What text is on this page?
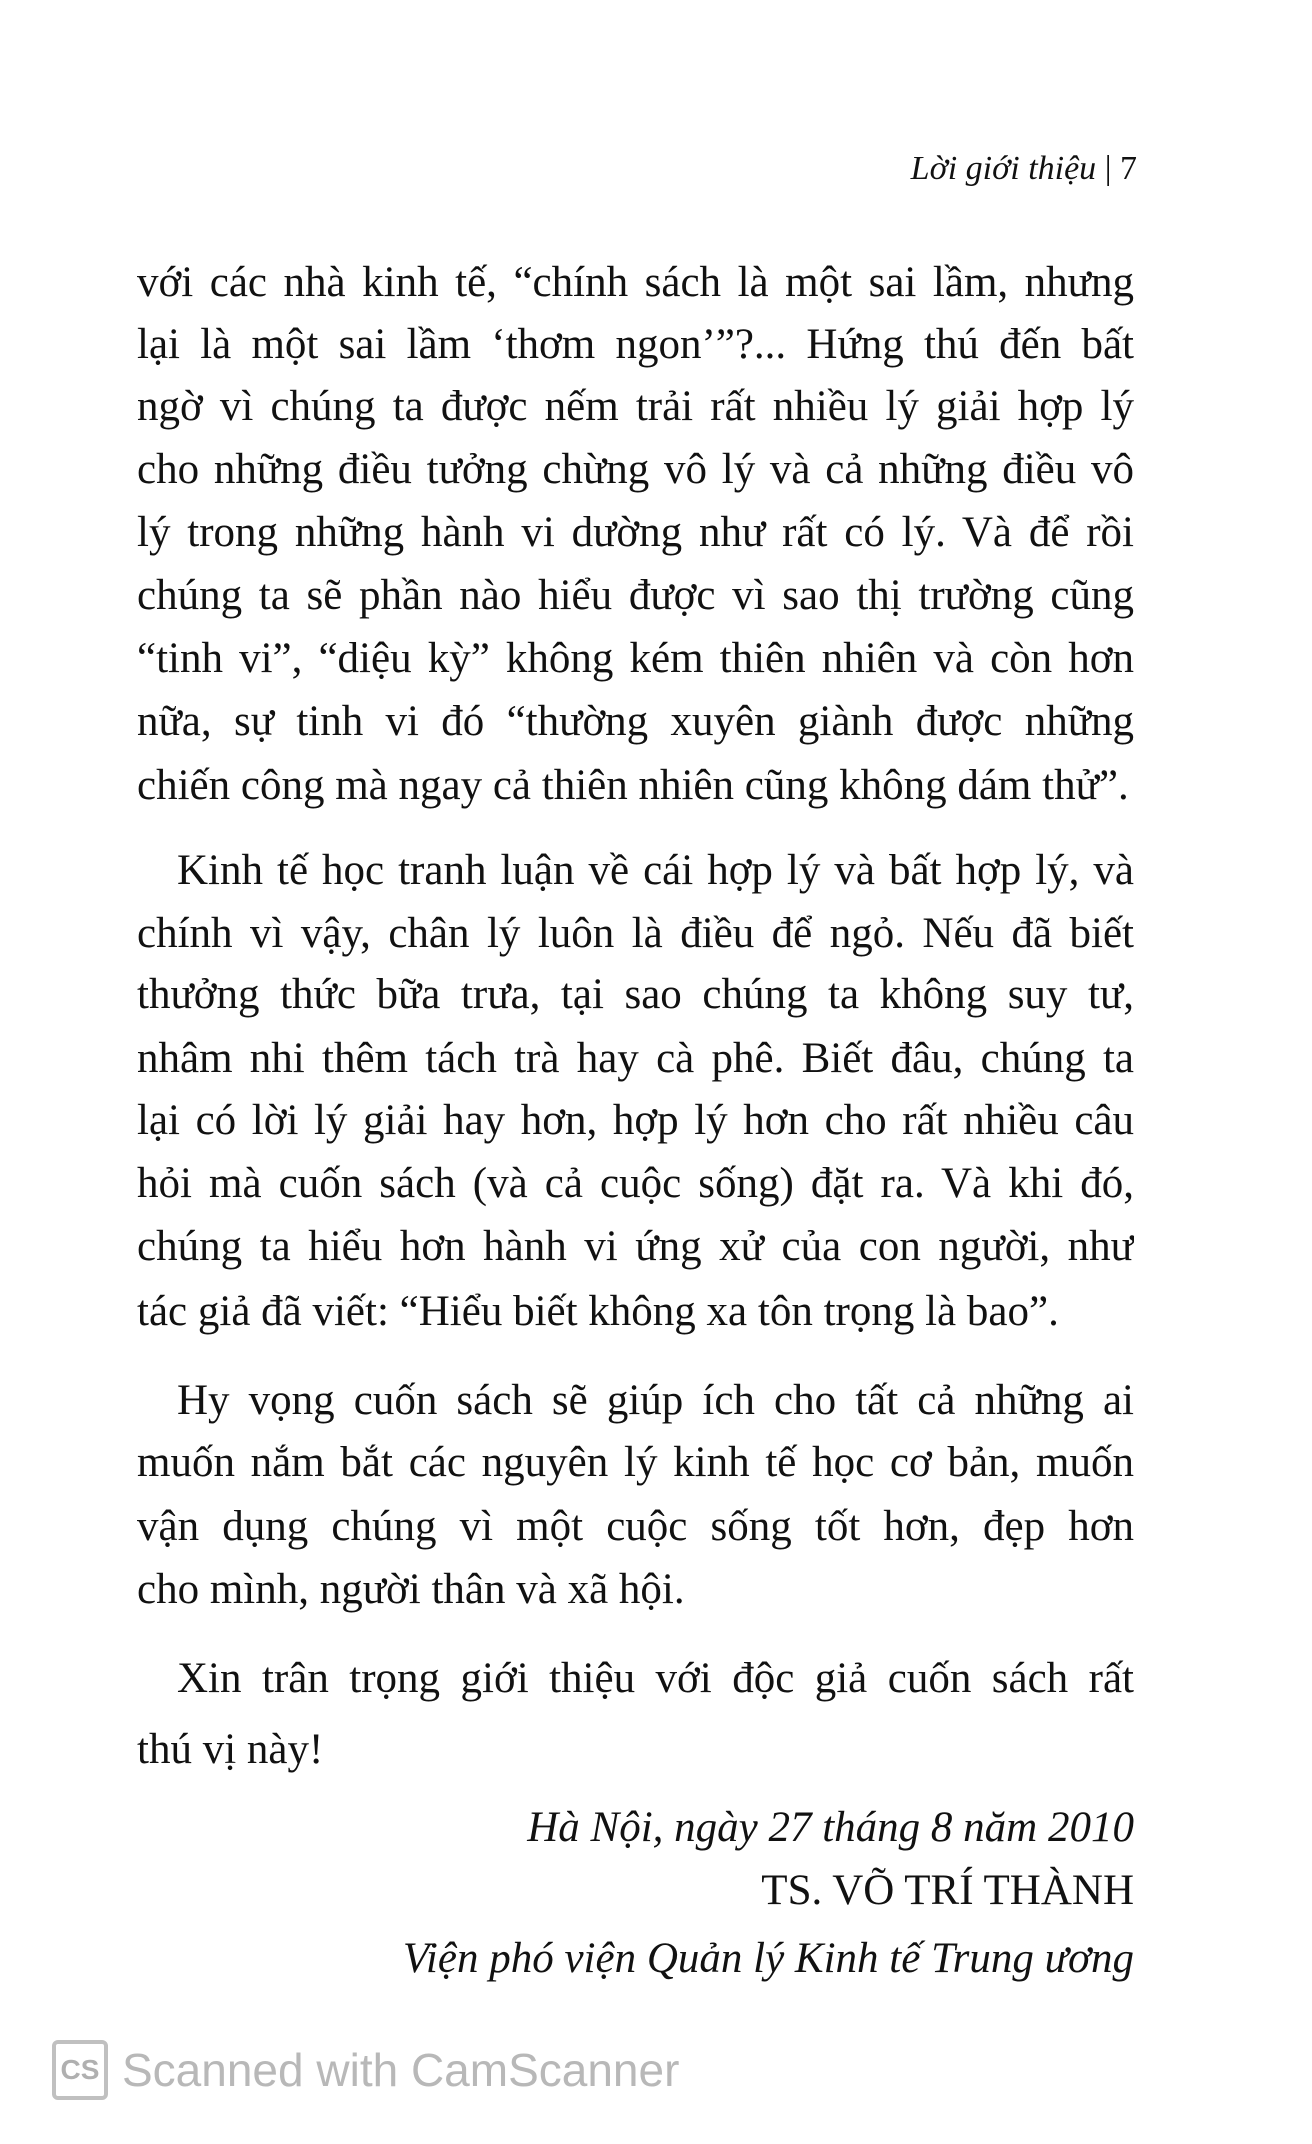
Lời giới thiệu | 7
với các nhà kinh tế, “chính sách là một sai lầm, nhưng
lại là một sai lầm ‘thơm ngon’”?... Hứng thú đến bất
ngờ vì chúng ta được nếm trải rất nhiều lý giải hợp lý
cho những điều tưởng chừng vô lý và cả những điều vô
lý trong những hành vi dường như rất có lý. Và để rồi
chúng ta sẽ phần nào hiểu được vì sao thị trường cũng
“tinh vi”, “diệu kỳ” không kém thiên nhiên và còn hơn
nữa, sự tinh vi đó “thường xuyên giành được những
chiến công mà ngay cả thiên nhiên cũng không dám thử”.
Kinh tế học tranh luận về cái hợp lý và bất hợp lý, và
chính vì vậy, chân lý luôn là điều để ngỏ. Nếu đã biết
thưởng thức bữa trưa, tại sao chúng ta không suy tư,
nhâm nhi thêm tách trà hay cà phê. Biết đâu, chúng ta
lại có lời lý giải hay hơn, hợp lý hơn cho rất nhiều câu
hỏi mà cuốn sách (và cả cuộc sống) đặt ra. Và khi đó,
chúng ta hiểu hơn hành vi ứng xử của con người, như
tác giả đã viết: “Hiểu biết không xa tôn trọng là bao”.
Hy vọng cuốn sách sẽ giúp ích cho tất cả những ai
muốn nắm bắt các nguyên lý kinh tế học cơ bản, muốn
vận dụng chúng vì một cuộc sống tốt hơn, đẹp hơn
cho mình, người thân và xã hội.
Xin trân trọng giới thiệu với độc giả cuốn sách rất
thú vị này!
Hà Nội, ngày 27 tháng 8 năm 2010
TS. VÕ TRÍ THÀNH
Viện phó viện Quản lý Kinh tế Trung ương
CS Scanned with CamScanner
